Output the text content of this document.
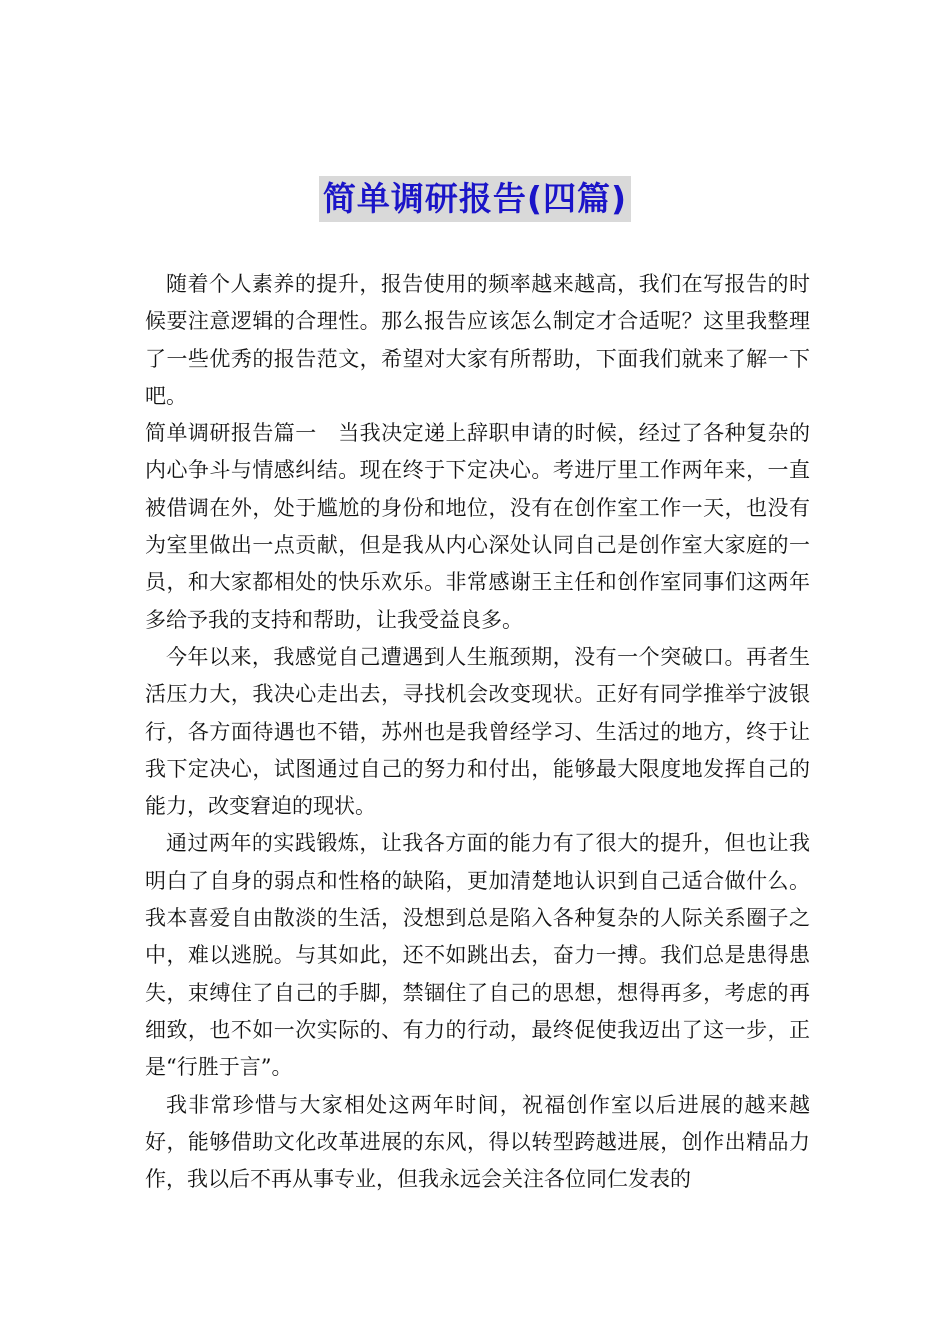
简单调研报告(四篇)

随着个人素养的提升，报告使用的频率越来越高，我们在写报告的时候要注意逻辑的合理性。那么报告应该怎么制定才合适呢？这里我整理了一些优秀的报告范文，希望对大家有所帮助，下面我们就来了解一下吧。

简单调研报告篇一　当我决定递上辞职申请的时候，经过了各种复杂的内心争斗与情感纠结。现在终于下定决心。考进厅里工作两年来，一直被借调在外，处于尴尬的身份和地位，没有在创作室工作一天，也没有为室里做出一点贡献，但是我从内心深处认同自己是创作室大家庭的一员，和大家都相处的快乐欢乐。非常感谢王主任和创作室同事们这两年多给予我的支持和帮助，让我受益良多。

今年以来，我感觉自己遭遇到人生瓶颈期，没有一个突破口。再者生活压力大，我决心走出去，寻找机会改变现状。正好有同学推举宁波银行，各方面待遇也不错，苏州也是我曾经学习、生活过的地方，终于让我下定决心，试图通过自己的努力和付出，能够最大限度地发挥自己的能力，改变窘迫的现状。

通过两年的实践锻炼，让我各方面的能力有了很大的提升，但也让我明白了自身的弱点和性格的缺陷，更加清楚地认识到自己适合做什么。我本喜爱自由散淡的生活，没想到总是陷入各种复杂的人际关系圈子之中，难以逃脱。与其如此，还不如跳出去，奋力一搏。我们总是患得患失，束缚住了自己的手脚，禁锢住了自己的思想，想得再多，考虑的再细致，也不如一次实际的、有力的行动，最终促使我迈出了这一步，正是“行胜于言”。

我非常珍惜与大家相处这两年时间，祝福创作室以后进展的越来越好，能够借助文化改革进展的东风，得以转型跨越进展，创作出精品力作，我以后不再从事专业，但我永远会关注各位同仁发表的
